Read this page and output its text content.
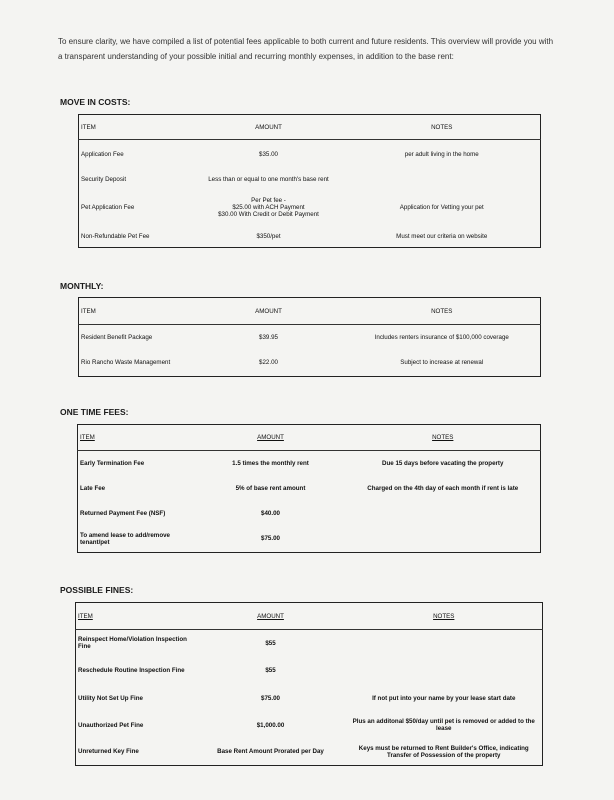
To ensure clarity, we have compiled a list of potential fees applicable to both current and future residents. This overview will provide you with a transparent understanding of your possible initial and recurring monthly expenses, in addition to the base rent:
MOVE IN COSTS:
ITEM	AMOUNT	NOTES
Application Fee	$35.00	per adult living in the home
Security Deposit	Less than or equal to one month's base rent	
Pet Application Fee	Per Pet fee -
$25.00 with ACH Payment
$30.00 With Credit or Debit Payment	Application for Vetting your pet
Non-Refundable Pet Fee	$350/pet	Must meet our criteria on website
MONTHLY:
ITEM	AMOUNT	NOTES
Resident Benefit Package	$39.95	Includes renters insurance of $100,000 coverage
Rio Rancho Waste Management	$22.00	Subject to increase at renewal
ONE TIME FEES:
ITEM	AMOUNT	NOTES
Early Termination Fee	1.5 times the monthly rent	Due 15 days before vacating the property
Late Fee	5% of base rent amount	Charged on the 4th day of each month if rent is late
Returned Payment Fee (NSF)	$40.00	
To amend lease to add/remove tenant/pet	$75.00	
POSSIBLE FINES:
ITEM	AMOUNT	NOTES
Reinspect Home/Violation Inspection Fine	$55	
Reschedule Routine Inspection Fine	$55	
Utility Not Set Up Fine	$75.00	If not put into your name by your lease start date
Unauthorized Pet Fine	$1,000.00	Plus an additonal $50/day until pet is removed or added to the lease
Unreturned Key Fine	Base Rent Amount Prorated per Day	Keys must be returned to Rent Builder's Office, indicating Transfer of Possession of the property
